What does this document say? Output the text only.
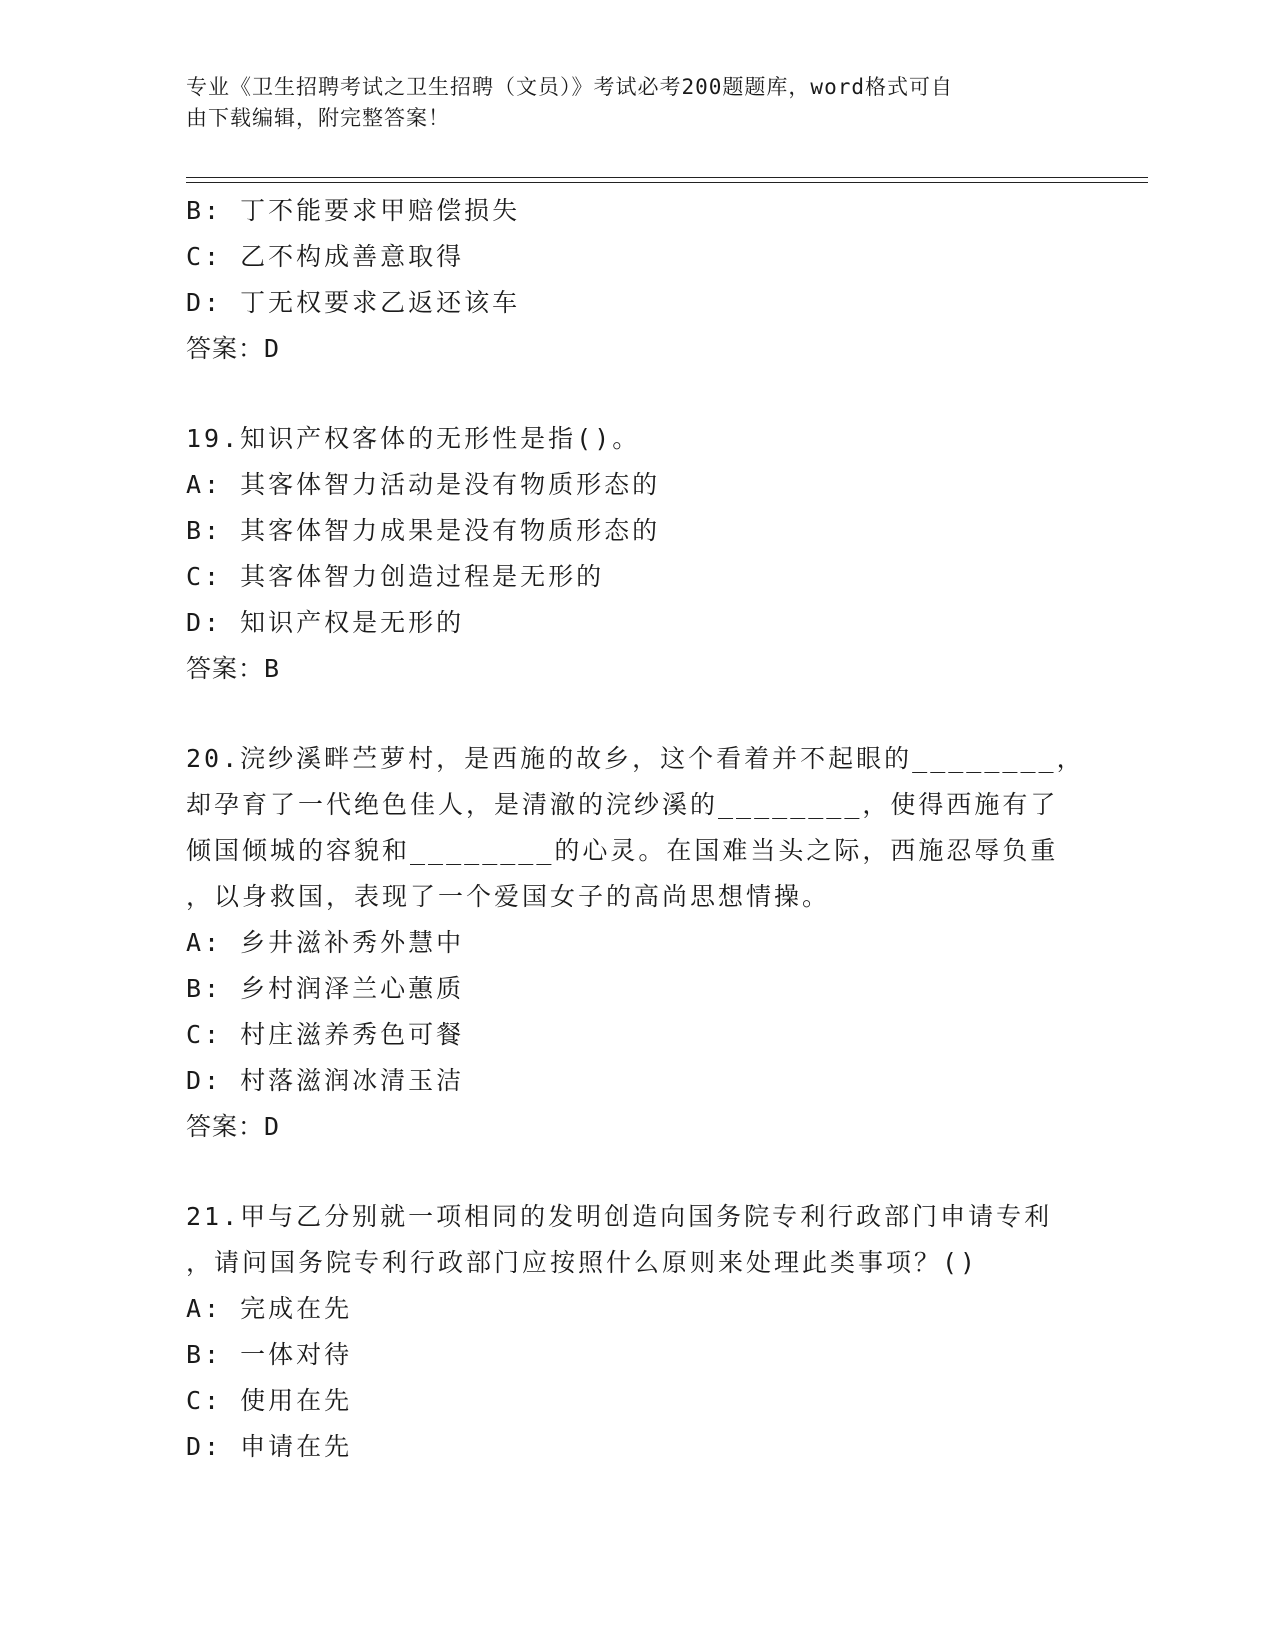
专业《卫生招聘考试之卫生招聘（文员）》考试必考200题题库，word格式可自
由下载编辑，附完整答案！
B: 丁不能要求甲赔偿损失
C: 乙不构成善意取得
D: 丁无权要求乙返还该车
答案：D
19.知识产权客体的无形性是指()。
A: 其客体智力活动是没有物质形态的
B: 其客体智力成果是没有物质形态的
C: 其客体智力创造过程是无形的
D: 知识产权是无形的
答案：B
20.浣纱溪畔苎萝村，是西施的故乡，这个看着并不起眼的________，
却孕育了一代绝色佳人，是清澈的浣纱溪的________，使得西施有了
倾国倾城的容貌和________的心灵。在国难当头之际，西施忍辱负重
，以身救国，表现了一个爱国女子的高尚思想情操。
A: 乡井滋补秀外慧中
B: 乡村润泽兰心蕙质
C: 村庄滋养秀色可餐
D: 村落滋润冰清玉洁
答案：D
21.甲与乙分别就一项相同的发明创造向国务院专利行政部门申请专利
，请问国务院专利行政部门应按照什么原则来处理此类事项？()
A: 完成在先
B: 一体对待
C: 使用在先
D: 申请在先
